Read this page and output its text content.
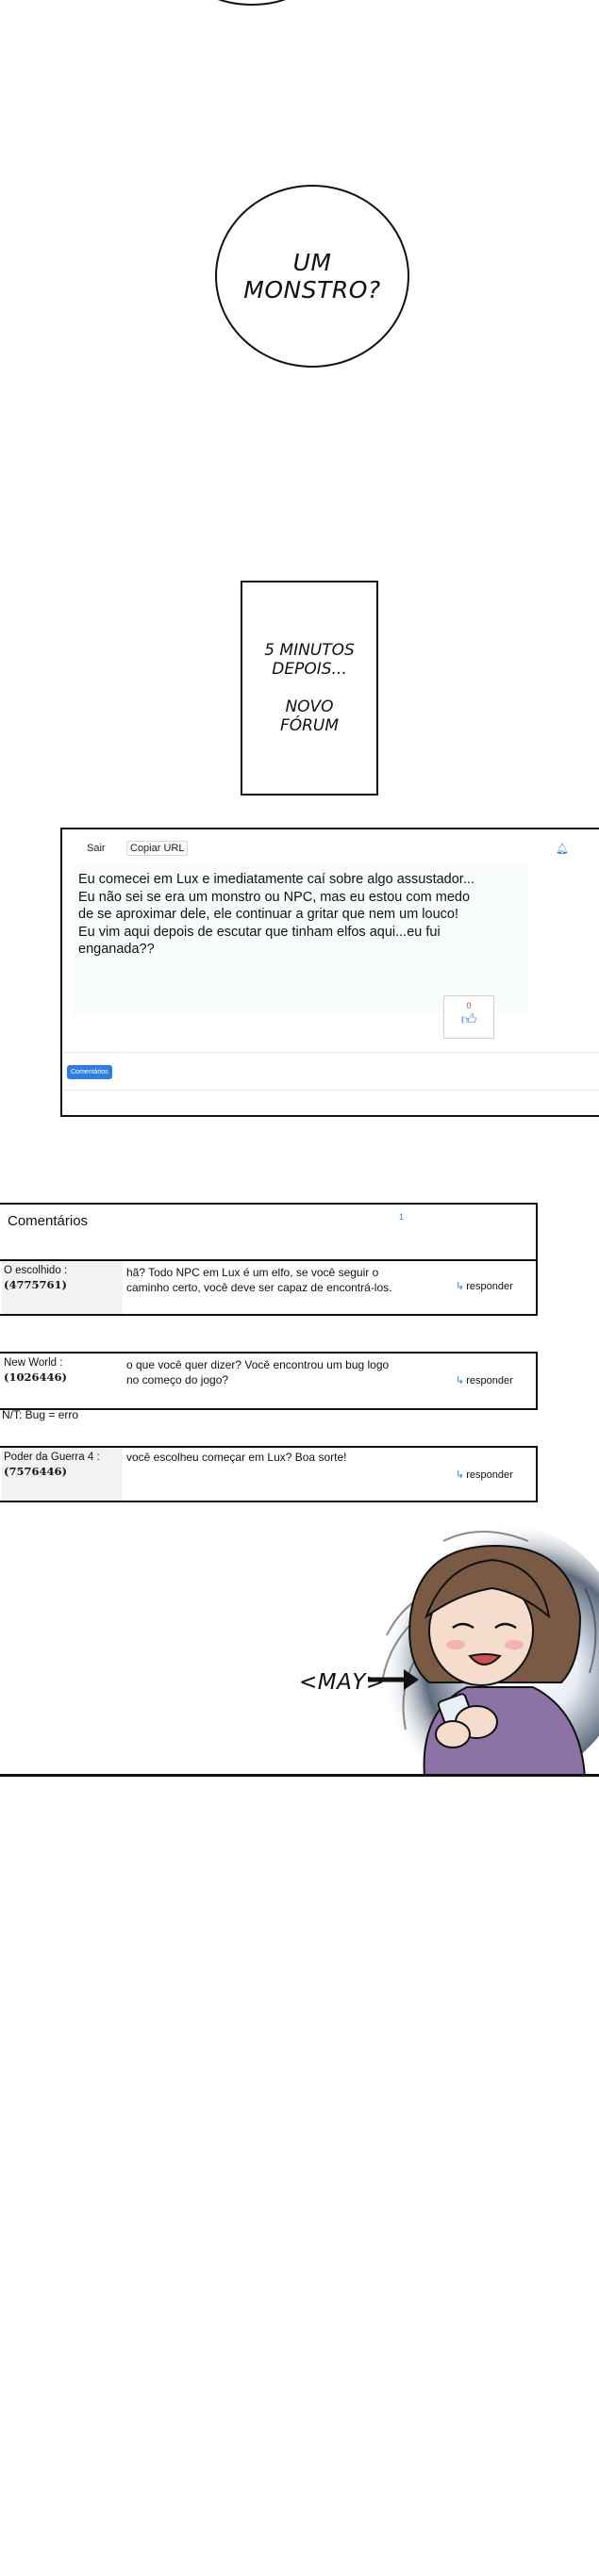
UM
MONSTRO?
5 MINUTOS
DEPOIS...

NOVO
FÓRUM
Sair	Copiar URL	🔔︎
Eu comecei em Lux e imediatamente caí sobre algo assustador...
Eu não sei se era um monstro ou NPC, mas eu estou com medo
de se aproximar dele, ele continuar a gritar que nem um louco!
Eu vim aqui depois de escutar que tinham elfos aqui...eu fui
enganada??
0
👍︎
Comentários
Comentários	1
O escolhido :
(4775761)
hã? Todo NPC em Lux é um elfo, se você seguir o
caminho certo, você deve ser capaz de encontrá-los.	↳ responder
New World :
(1026446)
o que você quer dizer? Você encontrou um bug logo
no começo do jogo?	↳ responder
N/T: Bug = erro
Poder da Guerra 4 :
(7576446)
você escolheu começar em Lux? Boa sorte!
↳ responder
<MAY>
